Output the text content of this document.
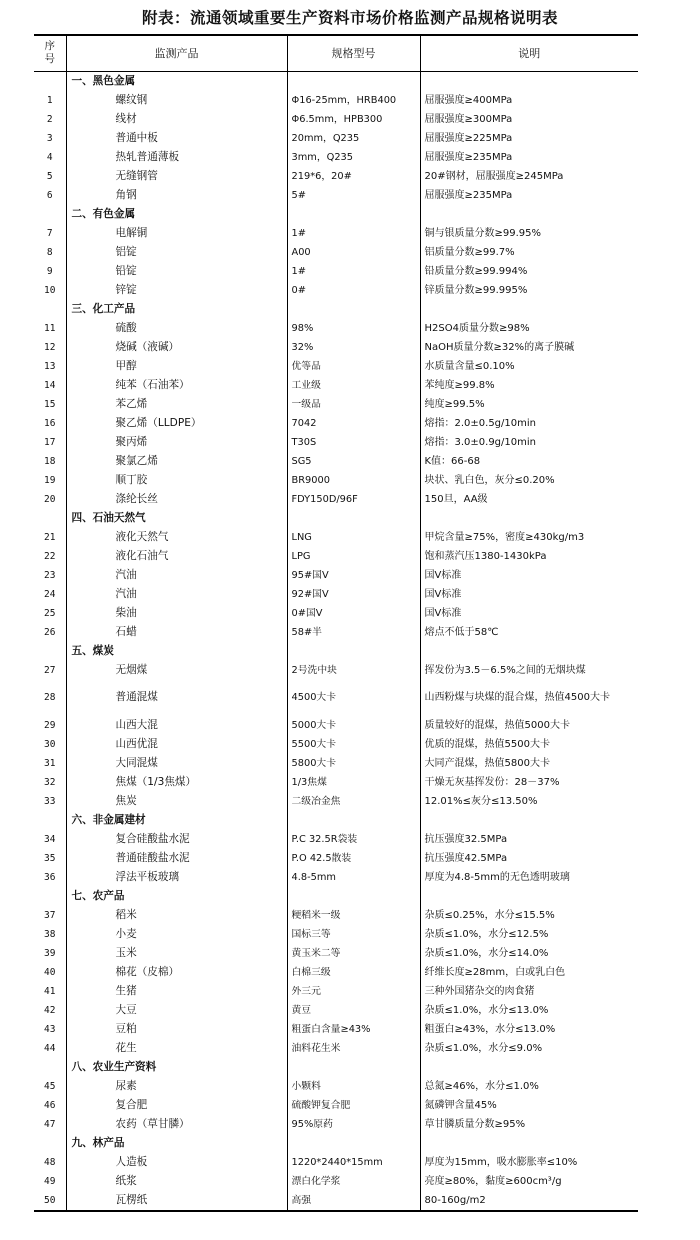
附表：流通领域重要生产资料市场价格监测产品规格说明表
序号	监测产品	规格型号	说明
	一、黑色金属		
1	螺纹钢	Φ16-25mm，HRB400	屈服强度≥400MPa
2	线材	Φ6.5mm，HPB300	屈服强度≥300MPa
3	普通中板	20mm，Q235	屈服强度≥225MPa
4	热轧普通薄板	3mm，Q235	屈服强度≥235MPa
5	无缝钢管	219*6，20#	20#钢材，屈服强度≥245MPa
6	角钢	5#	屈服强度≥235MPa
	二、有色金属		
7	电解铜	1#	铜与银质量分数≥99.95%
8	铝锭	A00	铝质量分数≥99.7%
9	铅锭	1#	铅质量分数≥99.994%
10	锌锭	0#	锌质量分数≥99.995%
	三、化工产品		
11	硫酸	98%	H2SO4质量分数≥98%
12	烧碱（液碱）	32%	NaOH质量分数≥32%的离子膜碱
13	甲醇	优等品	水质量含量≤0.10%
14	纯苯（石油苯）	工业级	苯纯度≥99.8%
15	苯乙烯	一级品	纯度≥99.5%
16	聚乙烯（LLDPE）	7042	熔指：2.0±0.5g/10min
17	聚丙烯	T30S	熔指：3.0±0.9g/10min
18	聚氯乙烯	SG5	K值：66-68
19	顺丁胶	BR9000	块状、乳白色，灰分≤0.20%
20	涤纶长丝	FDY150D/96F	150旦，AA级
	四、石油天然气		
21	液化天然气	LNG	甲烷含量≥75%，密度≥430kg/m3
22	液化石油气	LPG	饱和蒸汽压1380-1430kPa
23	汽油	95#国Ⅴ	国Ⅴ标准
24	汽油	92#国Ⅴ	国Ⅴ标准
25	柴油	0#国Ⅴ	国Ⅴ标准
26	石蜡	58#半	熔点不低于58℃
	五、煤炭		
27	无烟煤	2号洗中块	挥发份为3.5－6.5%之间的无烟块煤
28	普通混煤	4500大卡	山西粉煤与块煤的混合煤，热值4500大卡
29	山西大混	5000大卡	质量较好的混煤，热值5000大卡
30	山西优混	5500大卡	优质的混煤，热值5500大卡
31	大同混煤	5800大卡	大同产混煤，热值5800大卡
32	焦煤（1/3焦煤）	1/3焦煤	干燥无灰基挥发份：28－37%
33	焦炭	二级冶金焦	12.01%≤灰分≤13.50%
	六、非金属建材		
34	复合硅酸盐水泥	P.C 32.5R袋装	抗压强度32.5MPa
35	普通硅酸盐水泥	P.O 42.5散装	抗压强度42.5MPa
36	浮法平板玻璃	4.8-5mm	厚度为4.8-5mm的无色透明玻璃
	七、农产品		
37	稻米	粳稻米一级	杂质≤0.25%，水分≤15.5%
38	小麦	国标三等	杂质≤1.0%，水分≤12.5%
39	玉米	黄玉米二等	杂质≤1.0%，水分≤14.0%
40	棉花（皮棉）	白棉三级	纤维长度≥28mm，白或乳白色
41	生猪	外三元	三种外国猪杂交的肉食猪
42	大豆	黄豆	杂质≤1.0%，水分≤13.0%
43	豆粕	粗蛋白含量≥43%	粗蛋白≥43%，水分≤13.0%
44	花生	油料花生米	杂质≤1.0%，水分≤9.0%
	八、农业生产资料		
45	尿素	小颗料	总氮≥46%，水分≤1.0%
46	复合肥	硫酸钾复合肥	氮磷钾含量45%
47	农药（草甘膦）	95%原药	草甘膦质量分数≥95%
	九、林产品		
48	人造板	1220*2440*15mm	厚度为15mm，吸水膨胀率≤10%
49	纸浆	漂白化学浆	亮度≥80%，黏度≥600cm³/g
50	瓦楞纸	高强	80-160g/m2
